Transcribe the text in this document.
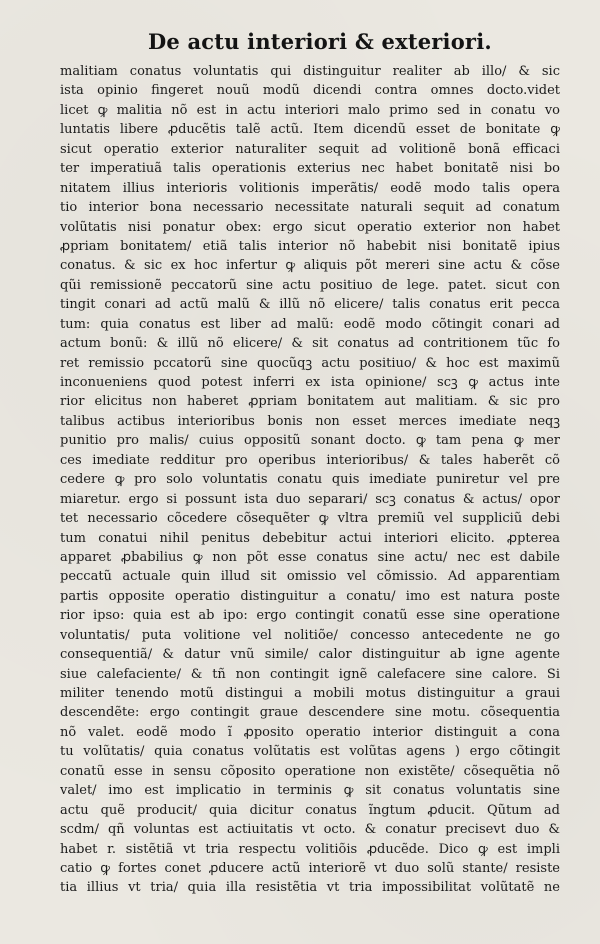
De actu interiori & exteriori.
malitiam conatus voluntatis qui distinguitur realiter ab illo/ & sic
ista opinio fingeret nouũ modũ dicendi contra omnes docto.videt
licet ꝙ malitia nõ est in actu interiori malo primo sed in conatu vo
luntatis libere ꝓducẽtis talẽ actũ. Item dicendũ esset de bonitate ꝙ
sicut operatio exterior naturaliter sequit ad volitionẽ bonã efficaci
ter imperatiuã talis operationis exterius nec habet bonitatẽ nisi bo
nitatem illius interioris volitionis imperãtis/ eodẽ modo talis opera
tio interior bona necessario necessitate naturali sequit ad conatum
volũtatis nisi ponatur obex: ergo sicut operatio exterior non habet
ꝓpriam bonitatem/ etiã talis interior nõ habebit nisi bonitatẽ ipius
conatus. & sic ex hoc infertur ꝙ aliquis põt mereri sine actu & cõse
qũi remissionẽ peccatorũ sine actu positiuo de lege. patet. sicut con
tingit conari ad actũ malũ & illũ nõ elicere/ talis conatus erit pecca
tum: quia conatus est liber ad malũ: eodẽ modo cõtingit conari ad
actum bonũ: & illũ nõ elicere/ & sit conatus ad contritionem tũc fo
ret remissio pccatorũ sine quocũqꝫ actu positiuo/ & hoc est maximũ
inconueniens quod potest inferri ex ista opinione/ scꝫ ꝙ actus inte
rior elicitus non haberet ꝓpriam bonitatem aut malitiam. & sic pro
talibus actibus interioribus bonis non esset merces imediate neqꝫ
punitio pro malis/ cuius oppositũ sonant docto. ꝙ tam pena ꝙ mer
ces imediate redditur pro operibus interioribus/ & tales haberẽt cõ
cedere ꝙ pro solo voluntatis conatu quis imediate puniretur vel pre
miaretur. ergo si possunt ista duo separari/ scꝫ conatus & actus/ opor
tet necessario cõcedere cõsequẽter ꝙ vltra premiũ vel suppliciũ debi
tum conatui nihil penitus debebitur actui interiori elicito. ꝓpterea
apparet ꝓbabilius ꝙ non põt esse conatus sine actu/ nec est dabile
peccatũ actuale quin illud sit omissio vel cõmissio. Ad apparentiam
partis opposite operatio distinguitur a conatu/ imo est natura poste
rior ipso: quia est ab ipo: ergo contingit conatũ esse sine operatione
voluntatis/ puta volitione vel nolitiõe/ concesso antecedente ne go
consequentiã/ & datur vnũ simile/ calor distinguitur ab igne agente
siue calefaciente/ & tñ non contingit ignẽ calefacere sine calore. Si
militer tenendo motũ distingui a mobili motus distinguitur a graui
descendẽte: ergo contingit graue descendere sine motu. cõsequentia
nõ valet. eodẽ modo ĩ ꝓposito operatio interior distinguit a cona
tu volũtatis/ quia conatus volũtatis est volũtas agens ) ergo cõtingit
conatũ esse in sensu cõposito operatione non existẽte/ cõsequẽtia nõ
valet/ imo est implicatio in terminis ꝙ sit conatus voluntatis sine
actu quẽ producit/ quia dicitur conatus ĩngtum ꝓducit. Qũtum ad
scdm/ qñ voluntas est actiuitatis vt octo. & conatur precisevt duo &
habet r. sistẽtiã vt tria respectu volitiõis ꝓducẽde. Dico ꝙ est impli
catio ꝙ fortes conet ꝓducere actũ interiorẽ vt duo solũ stante/ resiste
tia illius vt tria/ quia illa resistẽtia vt tria impossibilitat volũtatẽ ne
